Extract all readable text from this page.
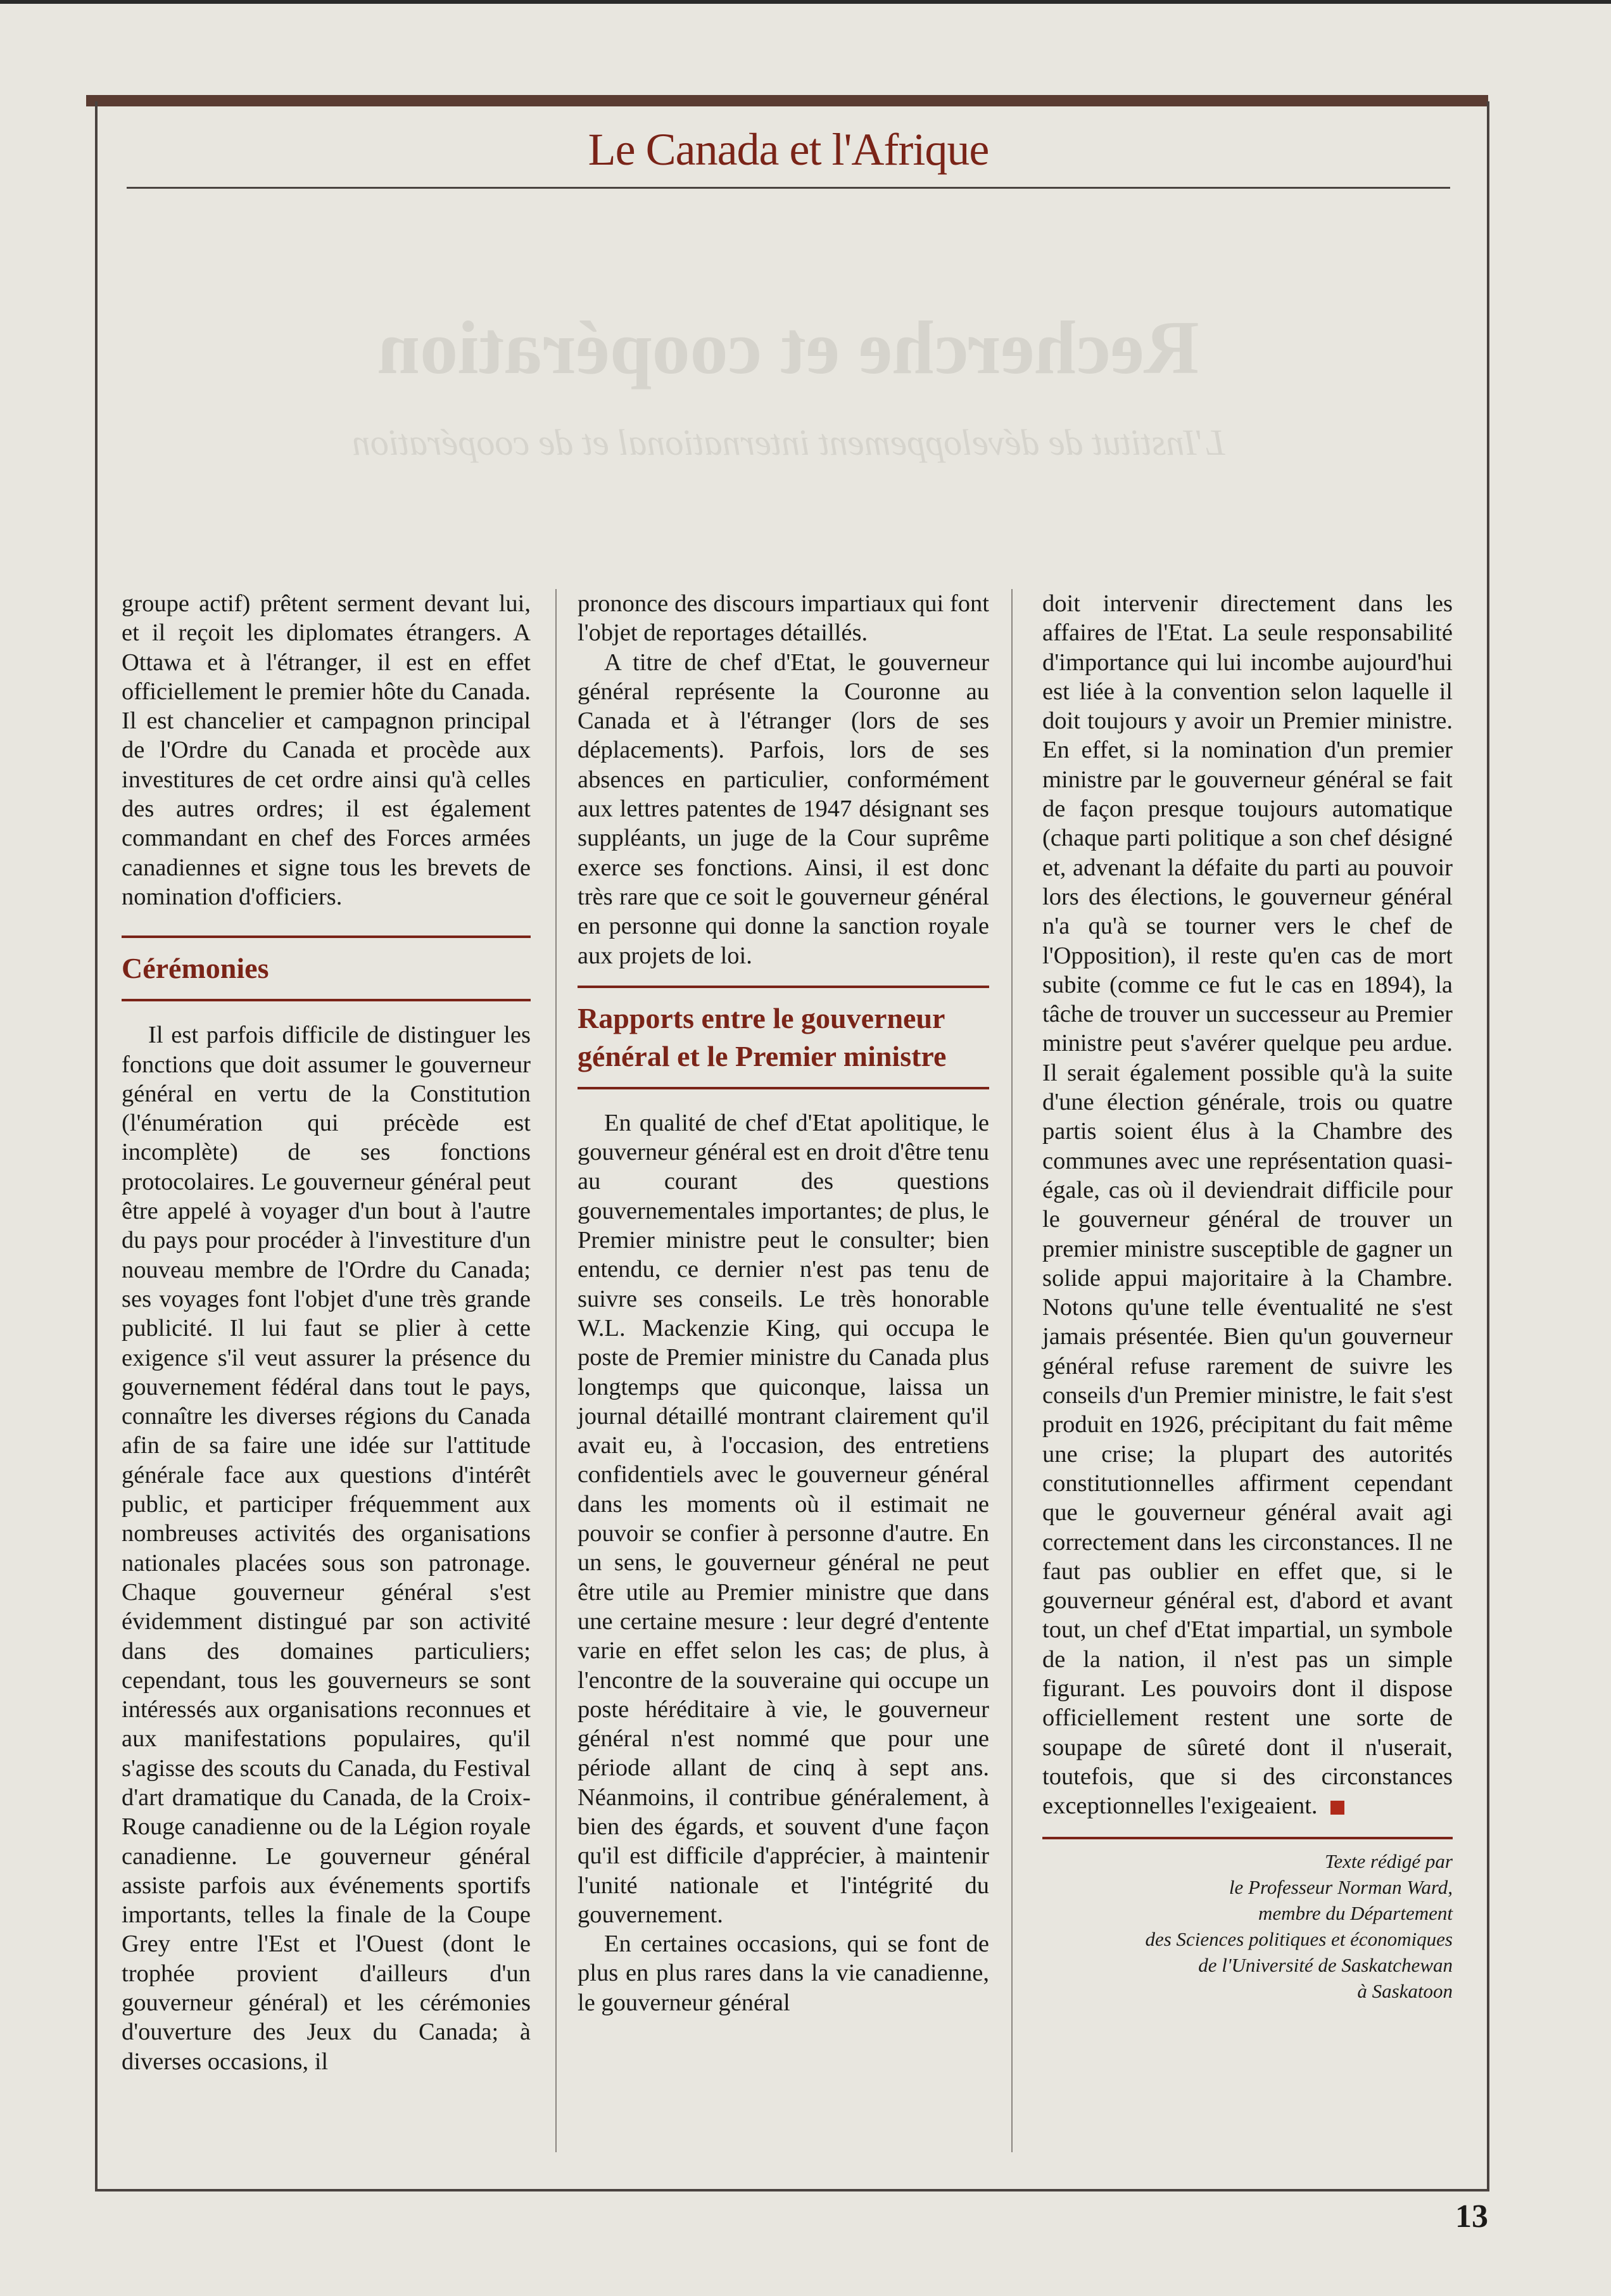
Le Canada et l'Afrique
Recherche et coopération
L'Institut de développement international et de coopération

groupe actif) prêtent serment devant lui, et il reçoit les diplomates étrangers. A Ottawa et à l'étranger, il est en effet officiellement le premier hôte du Canada. Il est chancelier et campagnon principal de l'Ordre du Canada et procède aux investitures de cet ordre ainsi qu'à celles des autres ordres; il est également commandant en chef des Forces armées canadiennes et signe tous les brevets de nomination d'officiers.

Cérémonies

Il est parfois difficile de distinguer les fonctions que doit assumer le gouverneur général en vertu de la Constitution (l'énumération qui précède est incomplète) de ses fonctions protocolaires. Le gouverneur général peut être appelé à voyager d'un bout à l'autre du pays pour procéder à l'investiture d'un nouveau membre de l'Ordre du Canada; ses voyages font l'objet d'une très grande publicité. Il lui faut se plier à cette exigence s'il veut assurer la présence du gouvernement fédéral dans tout le pays, connaître les diverses régions du Canada afin de sa faire une idée sur l'attitude générale face aux questions d'intérêt public, et participer fréquemment aux nombreuses activités des organisations nationales placées sous son patronage. Chaque gouverneur général s'est évidemment distingué par son activité dans des domaines particuliers; cependant, tous les gouverneurs se sont intéressés aux organisations reconnues et aux manifestations populaires, qu'il s'agisse des scouts du Canada, du Festival d'art dramatique du Canada, de la Croix-Rouge canadienne ou de la Légion royale canadienne. Le gouverneur général assiste parfois aux événements sportifs importants, telles la finale de la Coupe Grey entre l'Est et l'Ouest (dont le trophée provient d'ailleurs d'un gouverneur général) et les cérémonies d'ouverture des Jeux du Canada; à diverses occasions, il

prononce des discours impartiaux qui font l'objet de reportages détaillés.

A titre de chef d'Etat, le gouverneur général représente la Couronne au Canada et à l'étranger (lors de ses déplacements). Parfois, lors de ses absences en particulier, conformément aux lettres patentes de 1947 désignant ses suppléants, un juge de la Cour suprême exerce ses fonctions. Ainsi, il est donc très rare que ce soit le gouverneur général en personne qui donne la sanction royale aux projets de loi.

Rapports entre le gouverneur général et le Premier ministre

En qualité de chef d'Etat apolitique, le gouverneur général est en droit d'être tenu au courant des questions gouvernementales importantes; de plus, le Premier ministre peut le consulter; bien entendu, ce dernier n'est pas tenu de suivre ses conseils. Le très honorable W.L. Mackenzie King, qui occupa le poste de Premier ministre du Canada plus longtemps que quiconque, laissa un journal détaillé montrant clairement qu'il avait eu, à l'occasion, des entretiens confidentiels avec le gouverneur général dans les moments où il estimait ne pouvoir se confier à personne d'autre. En un sens, le gouverneur général ne peut être utile au Premier ministre que dans une certaine mesure : leur degré d'entente varie en effet selon les cas; de plus, à l'encontre de la souveraine qui occupe un poste héréditaire à vie, le gouverneur général n'est nommé que pour une période allant de cinq à sept ans. Néanmoins, il contribue généralement, à bien des égards, et souvent d'une façon qu'il est difficile d'apprécier, à maintenir l'unité nationale et l'intégrité du gouvernement.

En certaines occasions, qui se font de plus en plus rares dans la vie canadienne, le gouverneur général

doit intervenir directement dans les affaires de l'Etat. La seule responsabilité d'importance qui lui incombe aujourd'hui est liée à la convention selon laquelle il doit toujours y avoir un Premier ministre. En effet, si la nomination d'un premier ministre par le gouverneur général se fait de façon presque toujours automatique (chaque parti politique a son chef désigné et, advenant la défaite du parti au pouvoir lors des élections, le gouverneur général n'a qu'à se tourner vers le chef de l'Opposition), il reste qu'en cas de mort subite (comme ce fut le cas en 1894), la tâche de trouver un successeur au Premier ministre peut s'avérer quelque peu ardue. Il serait également possible qu'à la suite d'une élection générale, trois ou quatre partis soient élus à la Chambre des communes avec une représentation quasi-égale, cas où il deviendrait difficile pour le gouverneur général de trouver un premier ministre susceptible de gagner un solide appui majoritaire à la Chambre. Notons qu'une telle éventualité ne s'est jamais présentée. Bien qu'un gouverneur général refuse rarement de suivre les conseils d'un Premier ministre, le fait s'est produit en 1926, précipitant du fait même une crise; la plupart des autorités constitutionnelles affirment cependant que le gouverneur général avait agi correctement dans les circonstances. Il ne faut pas oublier en effet que, si le gouverneur général est, d'abord et avant tout, un chef d'Etat impartial, un symbole de la nation, il n'est pas un simple figurant. Les pouvoirs dont il dispose officiellement restent une sorte de soupape de sûreté dont il n'userait, toutefois, que si des circonstances exceptionnelles l'exigeaient.

Texte rédigé par
le Professeur Norman Ward,
membre du Département
des Sciences politiques et économiques
de l'Université de Saskatchewan
à Saskatoon
13
